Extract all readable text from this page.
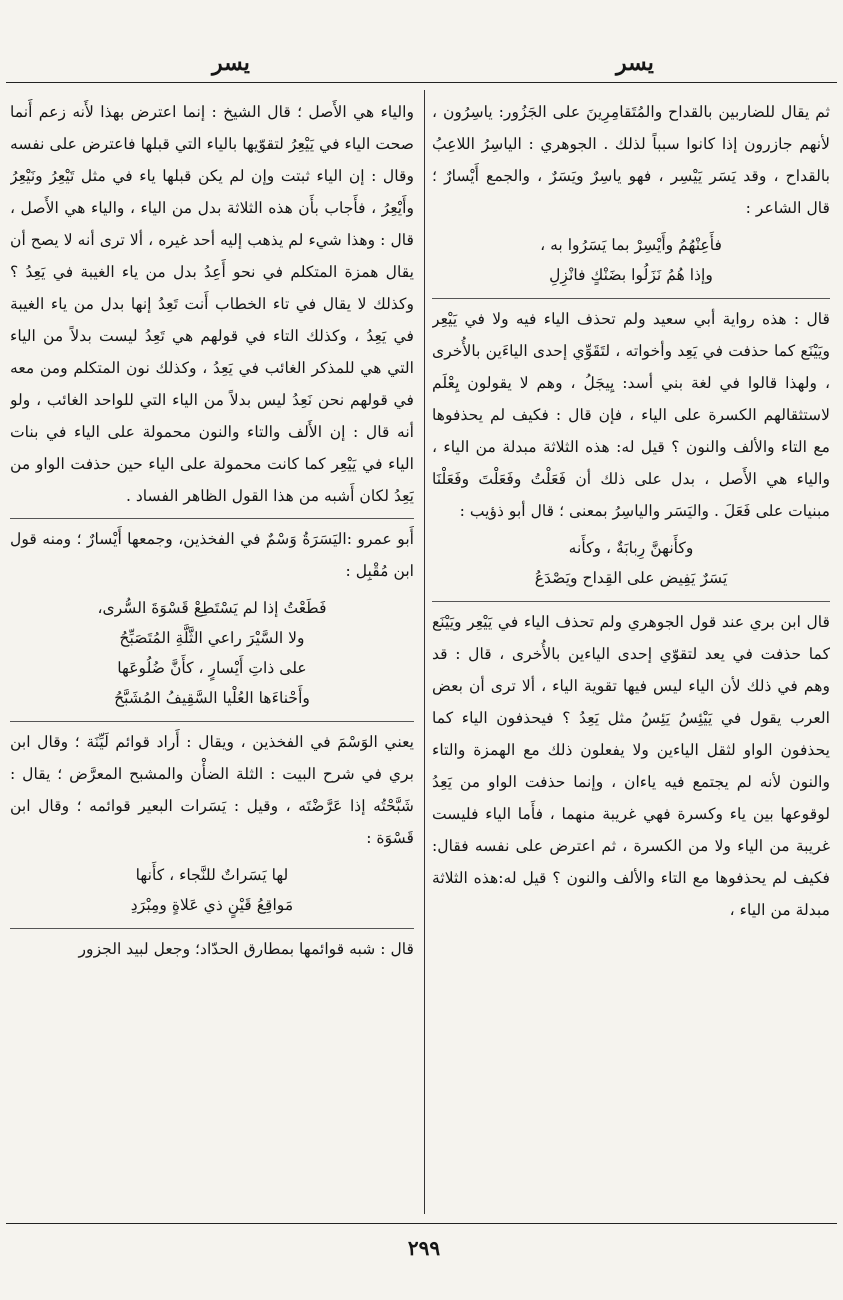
يسر
يسر

ثم يقال للضاربين بالقداح والمُتَقامِرِينَ على الجَزُور: ياسِرُون ، لأنهم جازرون إذا كانوا سبباً لذلك . الجوهري : الياسِرُ اللاعِبُ بالقداح ، وقد يَسَر يَيْسِر ، فهو ياسِرٌ ويَسَرٌ ، والجمع أَيْسارٌ ؛ قال الشاعر :

فأَعِنْهُمُ وأَيْسِرْ بما يَسَرُوا به ،
وإذا هُمُ نَزَلُوا بضَنْكٍ فانْزِلِ

قال : هذه رواية أبي سعيد ولم تحذف الياء فيه ولا في يَيْعِر ويَيْنَع كما حذفت في يَعِد وأخواته ، لتَقَوِّي إحدى الياءَين بالأُخرى ، ولهذا قالوا في لغة بني أسد: يِيجَلُ ، وهم لا يقولون يِعْلَم لاستثقالهم الكسرة على الياء ، فإن قال : فكيف لم يحذفوها مع التاء والألف والنون ؟ قيل له: هذه الثلاثة مبدلة من الياء ، والياء هي الأَصل ، بدل على ذلك أن فَعَلْتُ وفَعَلْتَ وفَعَلْنَا مبنيات على فَعَلَ . واليَسَر والياسِرُ بمعنى ؛ قال أبو ذؤيب :

وكأَنهنَّ رِبابَةٌ ، وكأَنه
يَسَرٌ يَفِيض على القِداح ويَصْدَعُ

قال ابن بري عند قول الجوهري ولم تحذف الياء في يَيْعِر ويَيْنَع كما حذفت في يعد لتقوّي إحدى الياءين بالأُخرى ، قال : قد وهم في ذلك لأن الياء ليس فيها تقوية الياء ، ألا ترى أن بعض العرب يقول في يَيْئِسُ يَئِسُ مثل يَعِدُ ؟ فيحذفون الياء كما يحذفون الواو لثقل الياءين ولا يفعلون ذلك مع الهمزة والتاء والنون لأنه لم يجتمع فيه ياءان ، وإنما حذفت الواو من يَعِدُ لوقوعها بين ياء وكسرة فهي غريبة منهما ، فأَما الياء فليست غريبة من الياء ولا من الكسرة ، ثم اعترض على نفسه فقال: فكيف لم يحذفوها مع التاء والألف والنون ؟ قيل له:هذه الثلاثة مبدلة من الياء ،

والياء هي الأَصل ؛ قال الشيخ : إنما اعترض بهذا لأَنه زعم أَنما صحت الياء في يَيْعِرُ لتقوّيها بالياء التي قبلها فاعترض على نفسه وقال : إن الياء ثبتت وإن لم يكن قبلها ياء في مثل تَيْعِرُ ونَيْعِرُ وأَيْعِرُ ، فأَجاب بأَن هذه الثلاثة بدل من الياء ، والياء هي الأَصل ، قال : وهذا شيء لم يذهب إليه أحد غيره ، ألا ترى أنه لا يصح أن يقال همزة المتكلم في نحو أَعِدُ بدل من ياء الغيبة في يَعِدُ ؟ وكذلك لا يقال في تاء الخطاب أَنت تَعِدُ إنها بدل من ياء الغيبة في يَعِدُ ، وكذلك التاء في قولهم هي تَعِدُ ليست بدلاً من الياء التي هي للمذكر الغائب في يَعِدُ ، وكذلك نون المتكلم ومن معه في قولهم نحن نَعِدُ ليس بدلاً من الياء التي للواحد الغائب ، ولو أنه قال : إن الأَلف والتاء والنون محمولة على الياء في بنات الياء في يَيْعِر كما كانت محمولة على الياء حين حذفت الواو من يَعِدُ لكان أَشبه من هذا القول الظاهر الفساد .

أَبو عمرو :اليَسَرَةُ وَسْمٌ في الفخذين، وجمعها أَيْسارٌ ؛ ومنه قول ابن مُقْبِل :

فَطَعْتُ إذا لم يَسْتَطِعْ قَسْوَةَ السُّرى،
ولا السَّيْرَ راعي الثَّلَّةِ المُتَصَبِّحُ
على ذاتِ أَيْسارٍ ، كأَنَّ ضُلُوعَها
وأَحْناءَها العُلْيا السَّقِيفُ المُشَبَّحُ

يعني الوَسْمَ في الفخذين ، ويقال : أَراد قوائم لَيِّنَة ؛ وقال ابن بري في شرح البيت : الثلة الضأْن والمشبح المعرَّض ؛ يقال : شَبَّحْتُه إذا عَرَّضْتَه ، وقيل : يَسَرات البعير قوائمه ؛ وقال ابن قَسْوَة :

لها يَسَراتٌ للنَّجاء ، كأَنها
مَواقِعُ قَيْنٍ ذي عَلاةٍ ومِبْرَدِ

قال : شبه قوائمها بمطارق الحدّاد؛ وجعل لبيد الجزور

٢٩٩
